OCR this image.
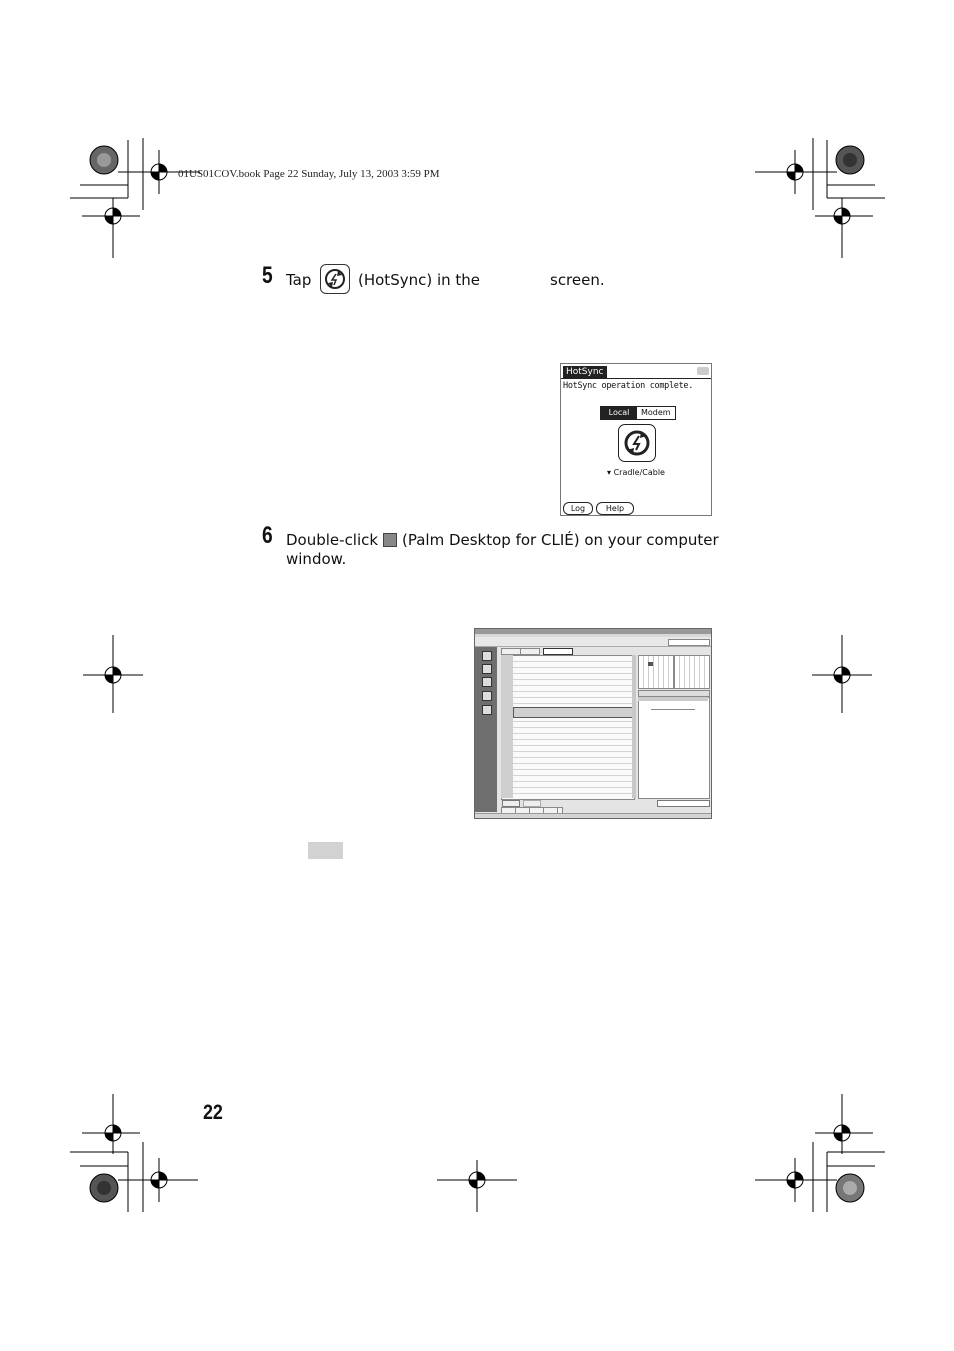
01US01COV.book Page 22 Sunday, July 13, 2003 3:59 PM
5 Tap	(HotSync) in the	screen.
HotSync
HotSync operation complete.
Local	Modem
▾ Cradle/Cable
Log	Help
6 Double-click (Palm Desktop for CLIÉ) on your computer
window.
22
